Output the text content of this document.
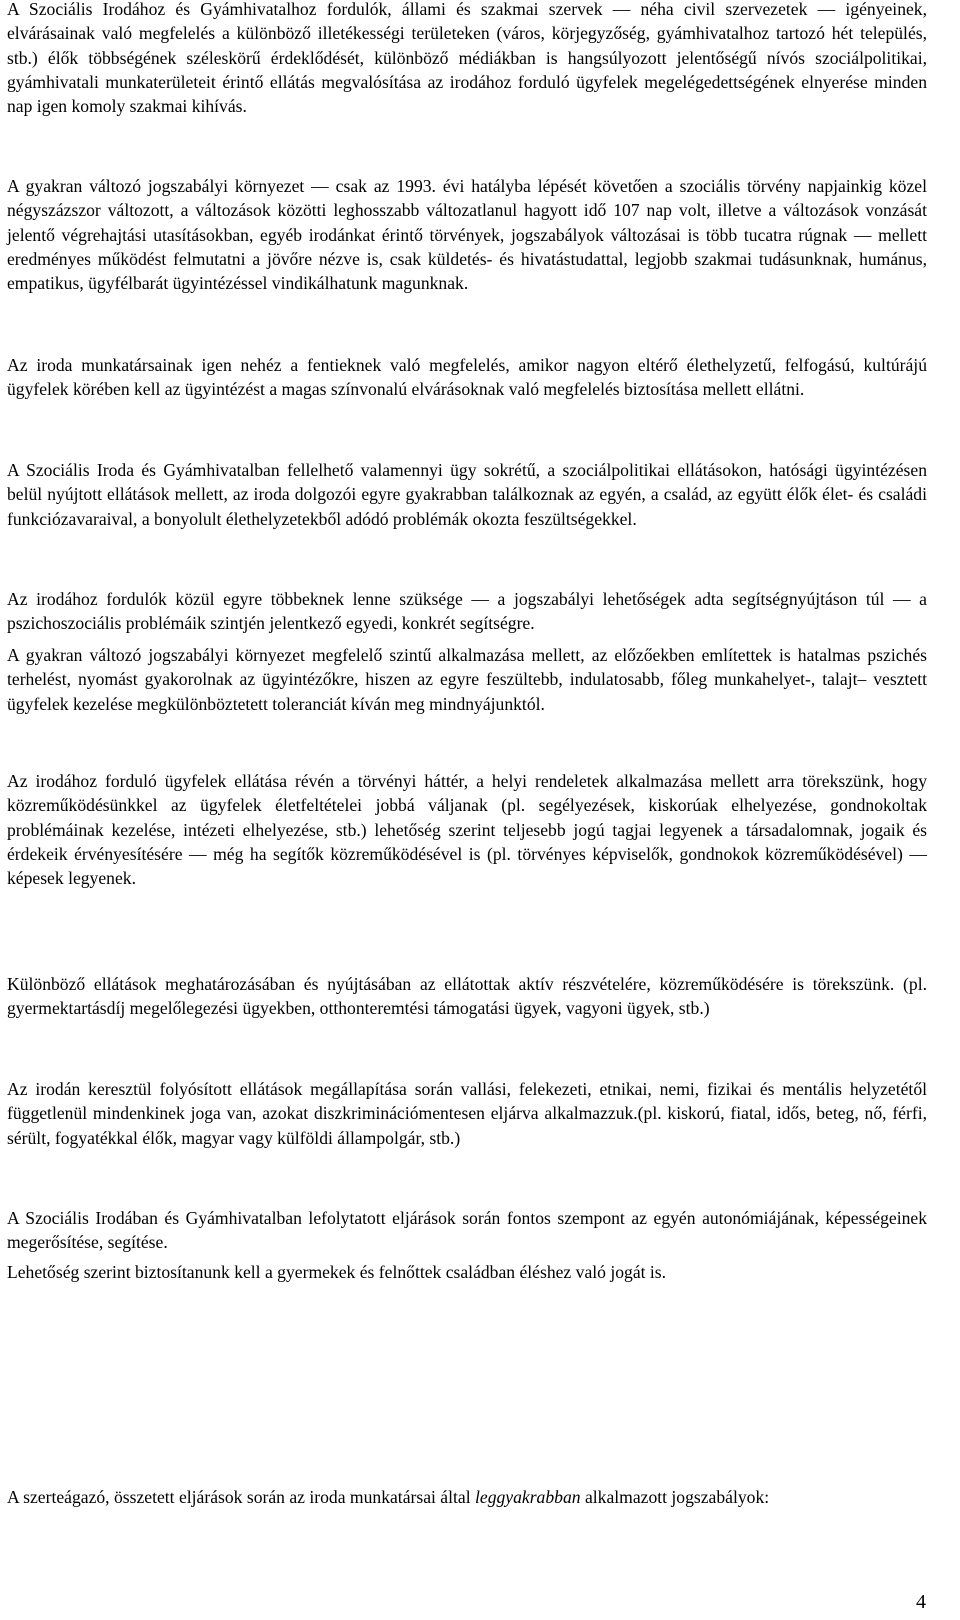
A Szociális Irodához és Gyámhivatalhoz fordulók, állami és szakmai szervek — néha civil szervezetek — igényeinek, elvárásainak való megfelelés a különböző illetékességi területeken (város, körjegyzőség, gyámhivatalhoz tartozó hét település, stb.) élők többségének széleskörű érdeklődését, különböző médiákban is hangsúlyozott jelentőségű nívós szociálpolitikai, gyámhivatali munkaterületeit érintő ellátás megvalósítása az irodához forduló ügyfelek megelégedettségének elnyerése minden nap igen komoly szakmai kihívás.

A gyakran változó jogszabályi környezet — csak az 1993. évi hatályba lépését követően a szociális törvény napjainkig közel négyszázszor változott, a változások közötti leghosszabb változatlanul hagyott idő 107 nap volt, illetve a változások vonzását jelentő végrehajtási utasításokban, egyéb irodánkat érintő törvények, jogszabályok változásai is több tucatra rúgnak — mellett eredményes működést felmutatni a jövőre nézve is, csak küldetés- és hivatástudattal, legjobb szakmai tudásunknak, humánus, empatikus, ügyfélbarát ügyintézéssel vindikálhatunk magunknak.

Az iroda munkatársainak igen nehéz a fentieknek való megfelelés, amikor nagyon eltérő élethelyzetű, felfogású, kultúrájú ügyfelek körében kell az ügyintézést a magas színvonalú elvárásoknak való megfelelés biztosítása mellett ellátni.

A Szociális Iroda és Gyámhivatalban fellelhető valamennyi ügy sokrétű, a szociálpolitikai ellátásokon, hatósági ügyintézésen belül nyújtott ellátások mellett, az iroda dolgozói egyre gyakrabban találkoznak az egyén, a család, az együtt élők élet- és családi funkciózavaraival, a bonyolult élethelyzetekből adódó problémák okozta feszültségekkel.

Az irodához fordulók közül egyre többeknek lenne szüksége — a jogszabályi lehetőségek adta segítségnyújtáson túl — a pszichoszociális problémáik szintjén jelentkező egyedi, konkrét segítségre.

A gyakran változó jogszabályi környezet megfelelő szintű alkalmazása mellett, az előzőekben említettek is hatalmas pszichés terhelést, nyomást gyakorolnak az ügyintézőkre, hiszen az egyre feszültebb, indulatosabb, főleg munkahelyet-, talajt– vesztett ügyfelek kezelése megkülönböztetett toleranciát kíván meg mindnyájunktól.

Az irodához forduló ügyfelek ellátása révén a törvényi háttér, a helyi rendeletek alkalmazása mellett arra törekszünk, hogy közreműködésünkkel az ügyfelek életfeltételei jobbá váljanak (pl. segélyezések, kiskorúak elhelyezése, gondnokoltak problémáinak kezelése, intézeti elhelyezése, stb.) lehetőség szerint teljesebb jogú tagjai legyenek a társadalomnak, jogaik és érdekeik érvényesítésére — még ha segítők közreműködésével is (pl. törvényes képviselők, gondnokok közreműködésével) — képesek legyenek.

Különböző ellátások meghatározásában és nyújtásában az ellátottak aktív részvételére, közreműködésére is törekszünk. (pl. gyermektartásdíj megelőlegezési ügyekben, otthonteremtési támogatási ügyek, vagyoni ügyek, stb.)

Az irodán keresztül folyósított ellátások megállapítása során vallási, felekezeti, etnikai, nemi, fizikai és mentális helyzetétől függetlenül mindenkinek joga van, azokat diszkriminációmentesen eljárva alkalmazzuk.(pl. kiskorú, fiatal, idős, beteg, nő, férfi, sérült, fogyatékkal élők, magyar vagy külföldi állampolgár, stb.)

A Szociális Irodában és Gyámhivatalban lefolytatott eljárások során fontos szempont az egyén autonómiájának, képességeinek megerősítése, segítése.

Lehetőség szerint biztosítanunk kell a gyermekek és felnőttek családban éléshez való jogát is.

A szerteágazó, összetett eljárások során az iroda munkatársai által leggyakrabban alkalmazott jogszabályok:

4
